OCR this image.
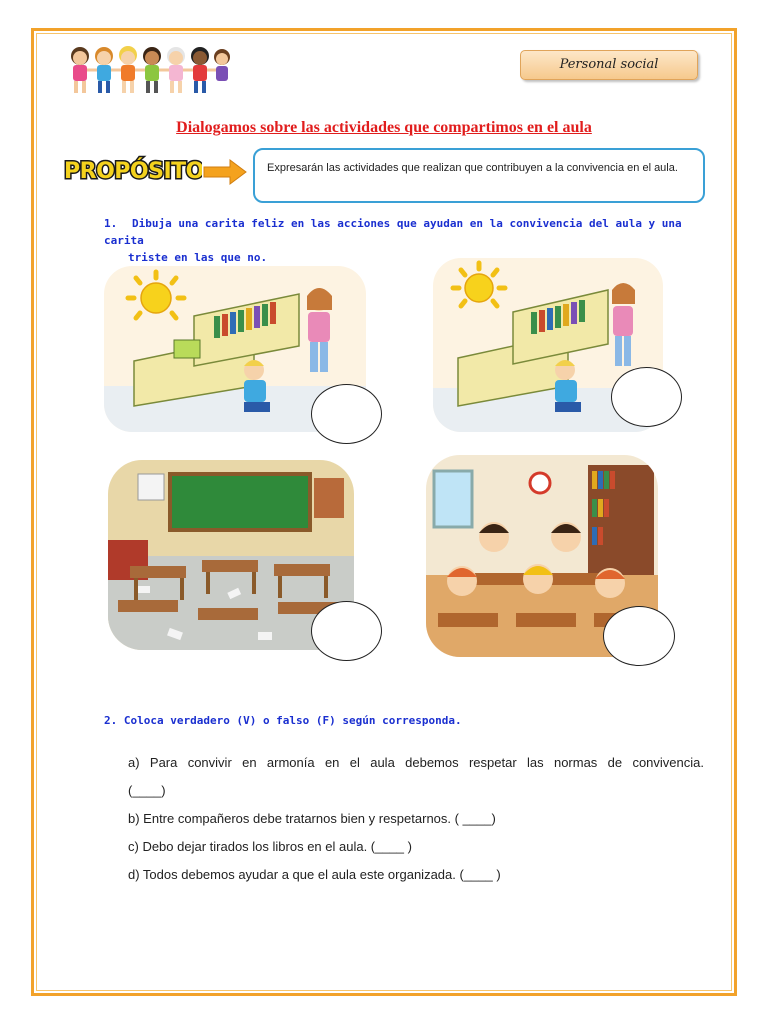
Personal social
Dialogamos sobre las actividades que compartimos en el aula
PROPÓSITO	Expresarán las actividades que realizan que contribuyen a la convivencia en el aula.
1. Dibuja una carita feliz en las acciones que ayudan en la convivencia del aula y una carita
triste en las que no.
2. Coloca verdadero (V) o falso (F) según corresponda.
a) Para convivir en armonía en el aula debemos respetar las normas de convivencia.
(____)
b) Entre compañeros debe tratarnos bien y respetarnos. ( ____)
c) Debo dejar tirados los libros en el aula. (____ )
d) Todos debemos ayudar a que el aula este organizada. (____ )
